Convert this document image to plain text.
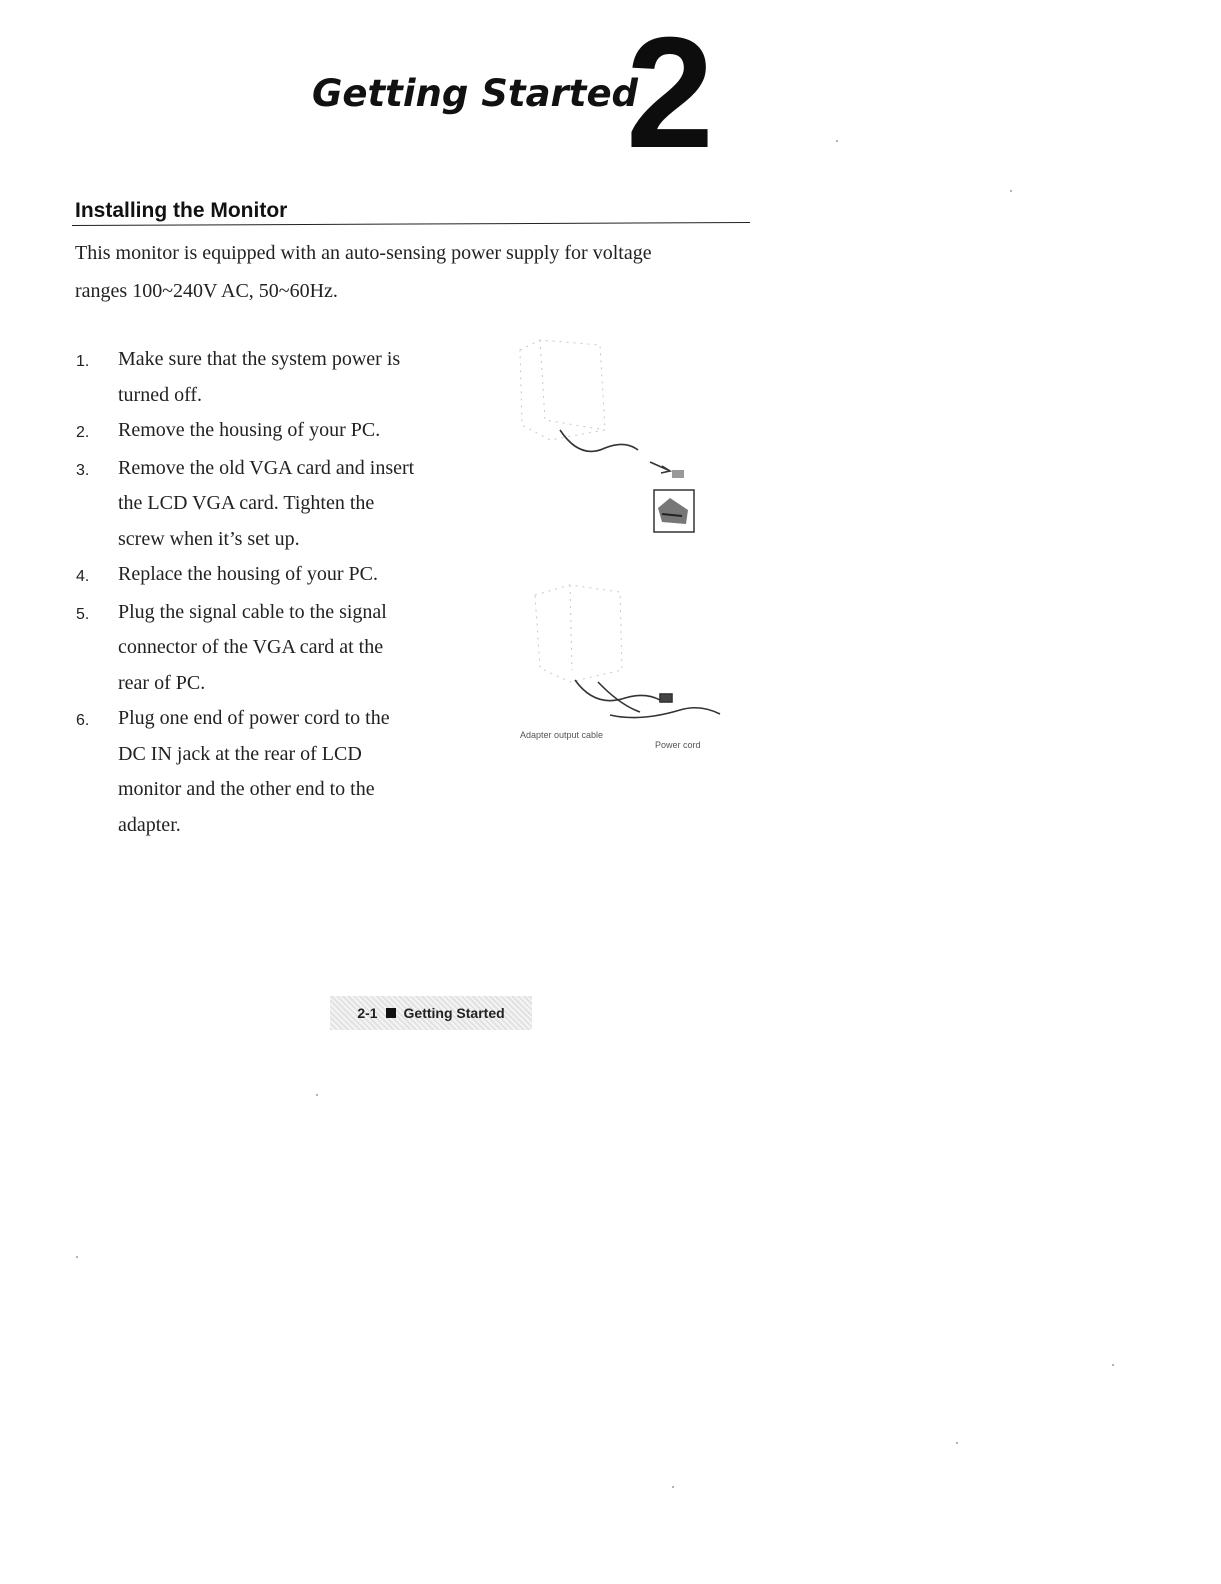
Getting Started
2
Installing the Monitor
This monitor is equipped with an auto-sensing power supply for voltage
ranges 100~240V AC, 50~60Hz.
1.	Make sure that the system power is turned off.
2.	Remove the housing of your PC.
3.	Remove the old VGA card and insert the LCD VGA card. Tighten the screw when it’s set up.
4.	Replace the housing of your PC.
5.	Plug the signal cable to the signal connector of the VGA card at the rear of PC.
6.	Plug one end of power cord to the DC IN jack at the rear of LCD monitor and the other end to the adapter.
Adapter output cable
Power cord
2-1 Getting Started
